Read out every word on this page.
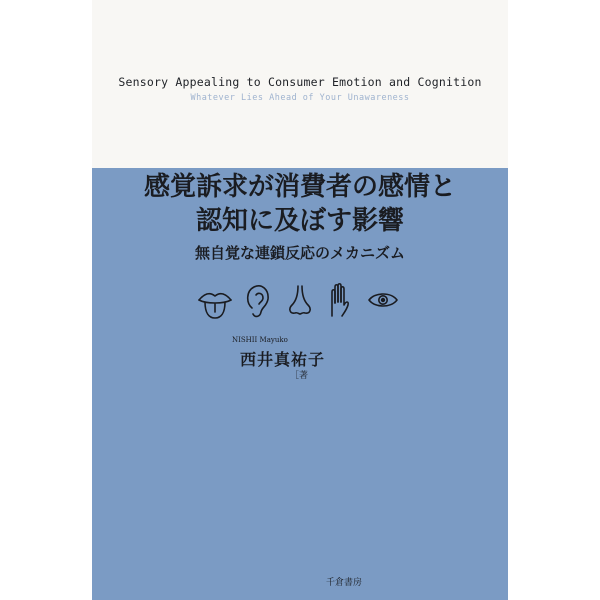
Sensory Appealing to Consumer Emotion and Cognition
Whatever Lies Ahead of Your Unawareness
感覚訴求が消費者の感情と
認知に及ぼす影響
無自覚な連鎖反応のメカニズム
NISHII Mayuko
西井真祐子
［著
千倉書房
